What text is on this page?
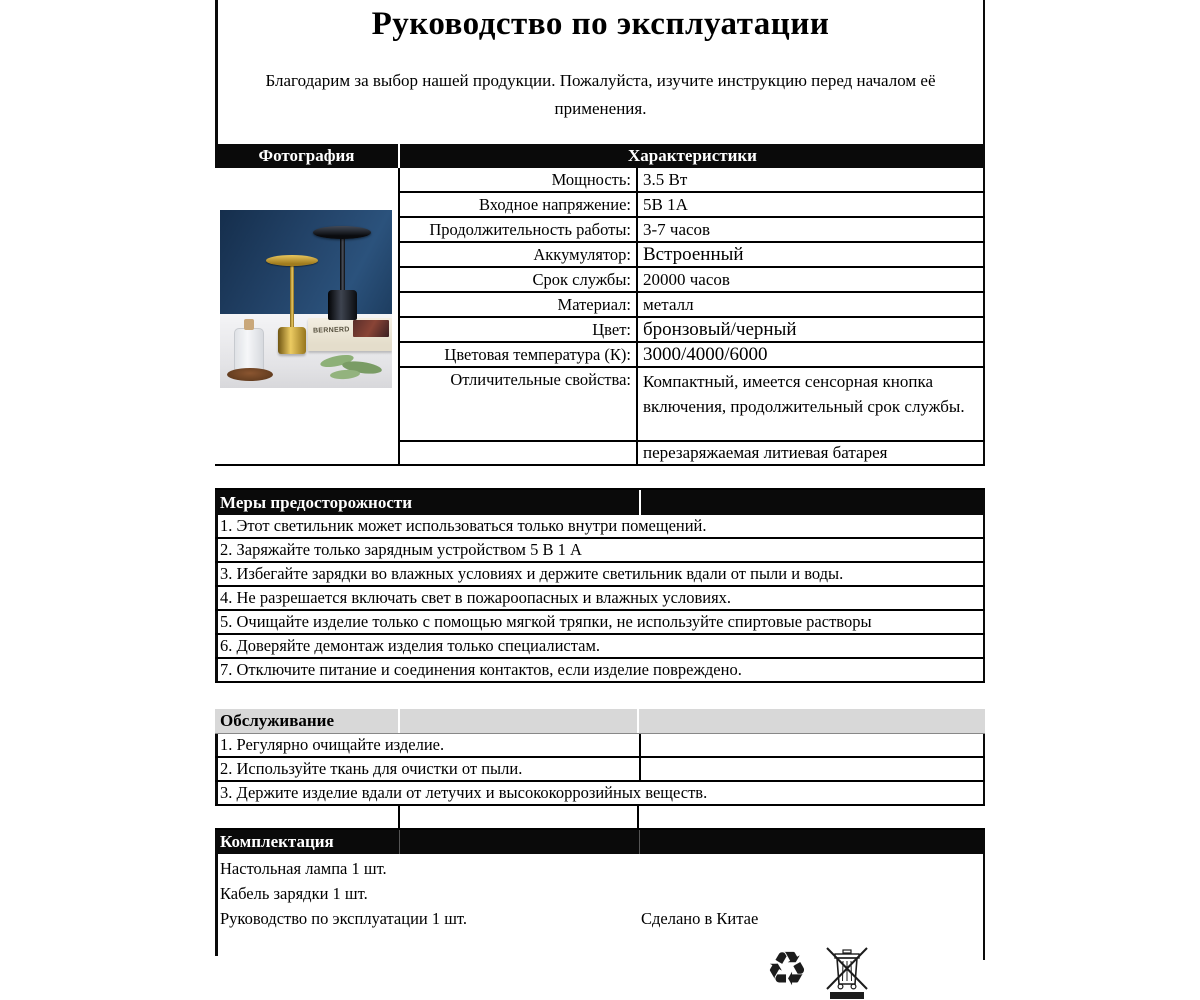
Руководство по эксплуатации
Благодарим за выбор нашей продукции. Пожалуйста, изучите инструкцию перед началом её применения.
Фотография	Характеристики
BERNERD
Мощность: 3.5 Вт
Входное напряжение: 5В 1А
Продолжительность работы: 3-7 часов
Аккумулятор: Встроенный
Срок службы: 20000 часов
Материал: металл
Цвет: бронзовый/черный
Цветовая температура (К): 3000/4000/6000
Отличительные свойства: Компактный, имеется сенсорная кнопка включения, продолжительный срок службы.
перезаряжаемая литиевая батарея
Меры предосторожности
1. Этот светильник может использоваться только внутри помещений.
2. Заряжайте только зарядным устройством 5 В 1 А
3. Избегайте зарядки во влажных условиях и держите светильник вдали от пыли и воды.
4. Не разрешается включать свет в пожароопасных и влажных условиях.
5. Очищайте изделие только с помощью мягкой тряпки, не используйте спиртовые растворы
6. Доверяйте демонтаж изделия только специалистам.
7. Отключите питание и соединения контактов, если изделие повреждено.
Обслуживание
1. Регулярно очищайте изделие.
2. Используйте ткань для очистки от пыли.
3. Держите изделие вдали от летучих и высококоррозийных веществ.
Комплектация
Настольная лампа 1 шт.
Кабель зарядки 1 шт.
Руководство по эксплуатации 1 шт.	Сделано в Китае
♻
